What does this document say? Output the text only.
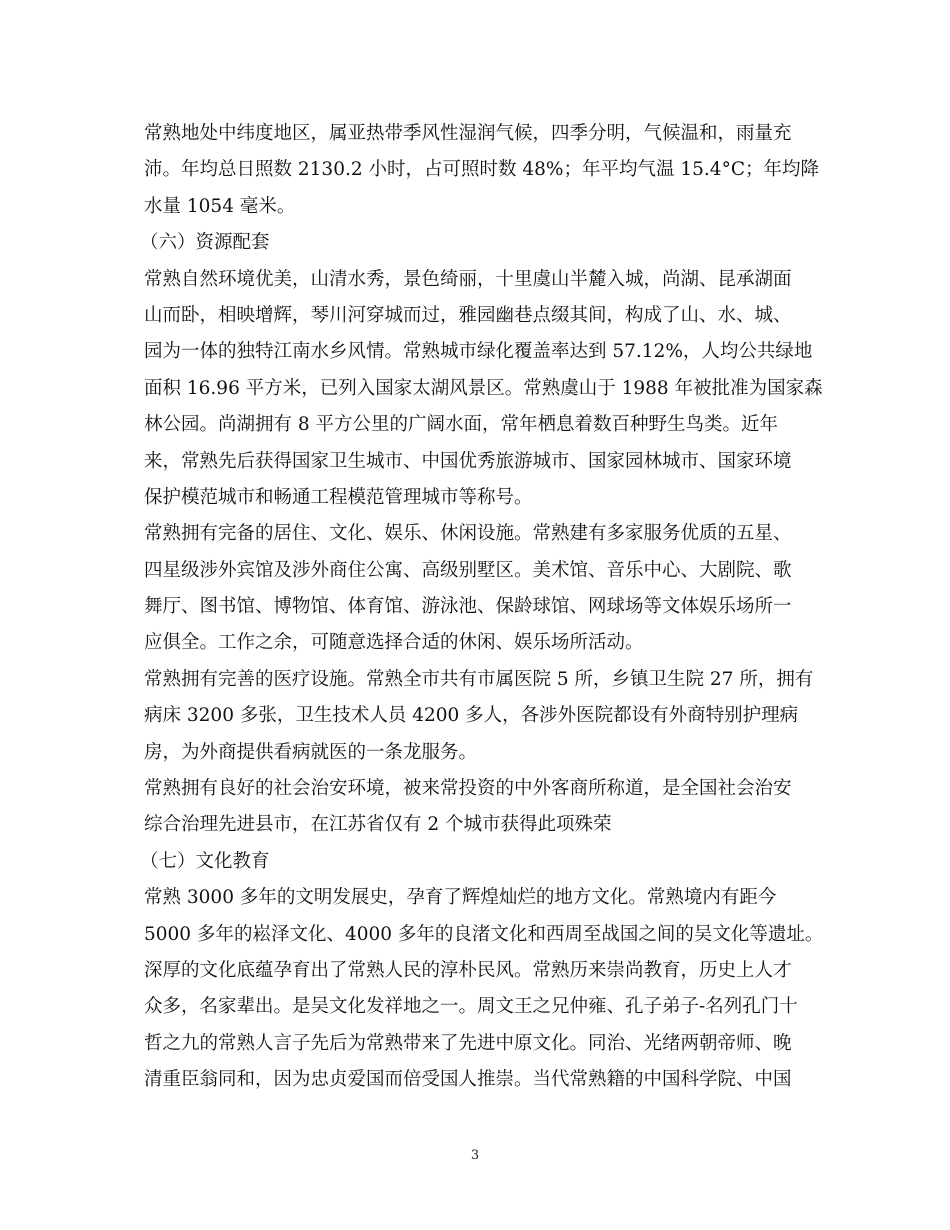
常熟地处中纬度地区，属亚热带季风性湿润气候，四季分明，气候温和，雨量充
沛。年均总日照数 2130.2 小时，占可照时数 48%；年平均气温 15.4°C；年均降
水量 1054 毫米。
（六）资源配套
常熟自然环境优美，山清水秀，景色绮丽，十里虞山半麓入城，尚湖、昆承湖面
山而卧，相映增辉，琴川河穿城而过，雅园幽巷点缀其间，构成了山、水、城、
园为一体的独特江南水乡风情。常熟城市绿化覆盖率达到 57.12%，人均公共绿地
面积 16.96 平方米，已列入国家太湖风景区。常熟虞山于 1988 年被批准为国家森
林公园。尚湖拥有 8 平方公里的广阔水面，常年栖息着数百种野生鸟类。近年
来，常熟先后获得国家卫生城市、中国优秀旅游城市、国家园林城市、国家环境
保护模范城市和畅通工程模范管理城市等称号。
常熟拥有完备的居住、文化、娱乐、休闲设施。常熟建有多家服务优质的五星、
四星级涉外宾馆及涉外商住公寓、高级别墅区。美术馆、音乐中心、大剧院、歌
舞厅、图书馆、博物馆、体育馆、游泳池、保龄球馆、网球场等文体娱乐场所一
应俱全。工作之余，可随意选择合适的休闲、娱乐场所活动。
常熟拥有完善的医疗设施。常熟全市共有市属医院 5 所，乡镇卫生院 27 所，拥有
病床 3200 多张，卫生技术人员 4200 多人，各涉外医院都设有外商特别护理病
房，为外商提供看病就医的一条龙服务。
常熟拥有良好的社会治安环境，被来常投资的中外客商所称道，是全国社会治安
综合治理先进县市，在江苏省仅有 2 个城市获得此项殊荣
（七）文化教育
常熟 3000 多年的文明发展史，孕育了辉煌灿烂的地方文化。常熟境内有距今
5000 多年的崧泽文化、4000 多年的良渚文化和西周至战国之间的吴文化等遗址。
深厚的文化底蕴孕育出了常熟人民的淳朴民风。常熟历来崇尚教育，历史上人才
众多，名家辈出。是吴文化发祥地之一。周文王之兄仲雍、孔子弟子-名列孔门十
哲之九的常熟人言子先后为常熟带来了先进中原文化。同治、光绪两朝帝师、晚
清重臣翁同和，因为忠贞爱国而倍受国人推崇。当代常熟籍的中国科学院、中国
3
